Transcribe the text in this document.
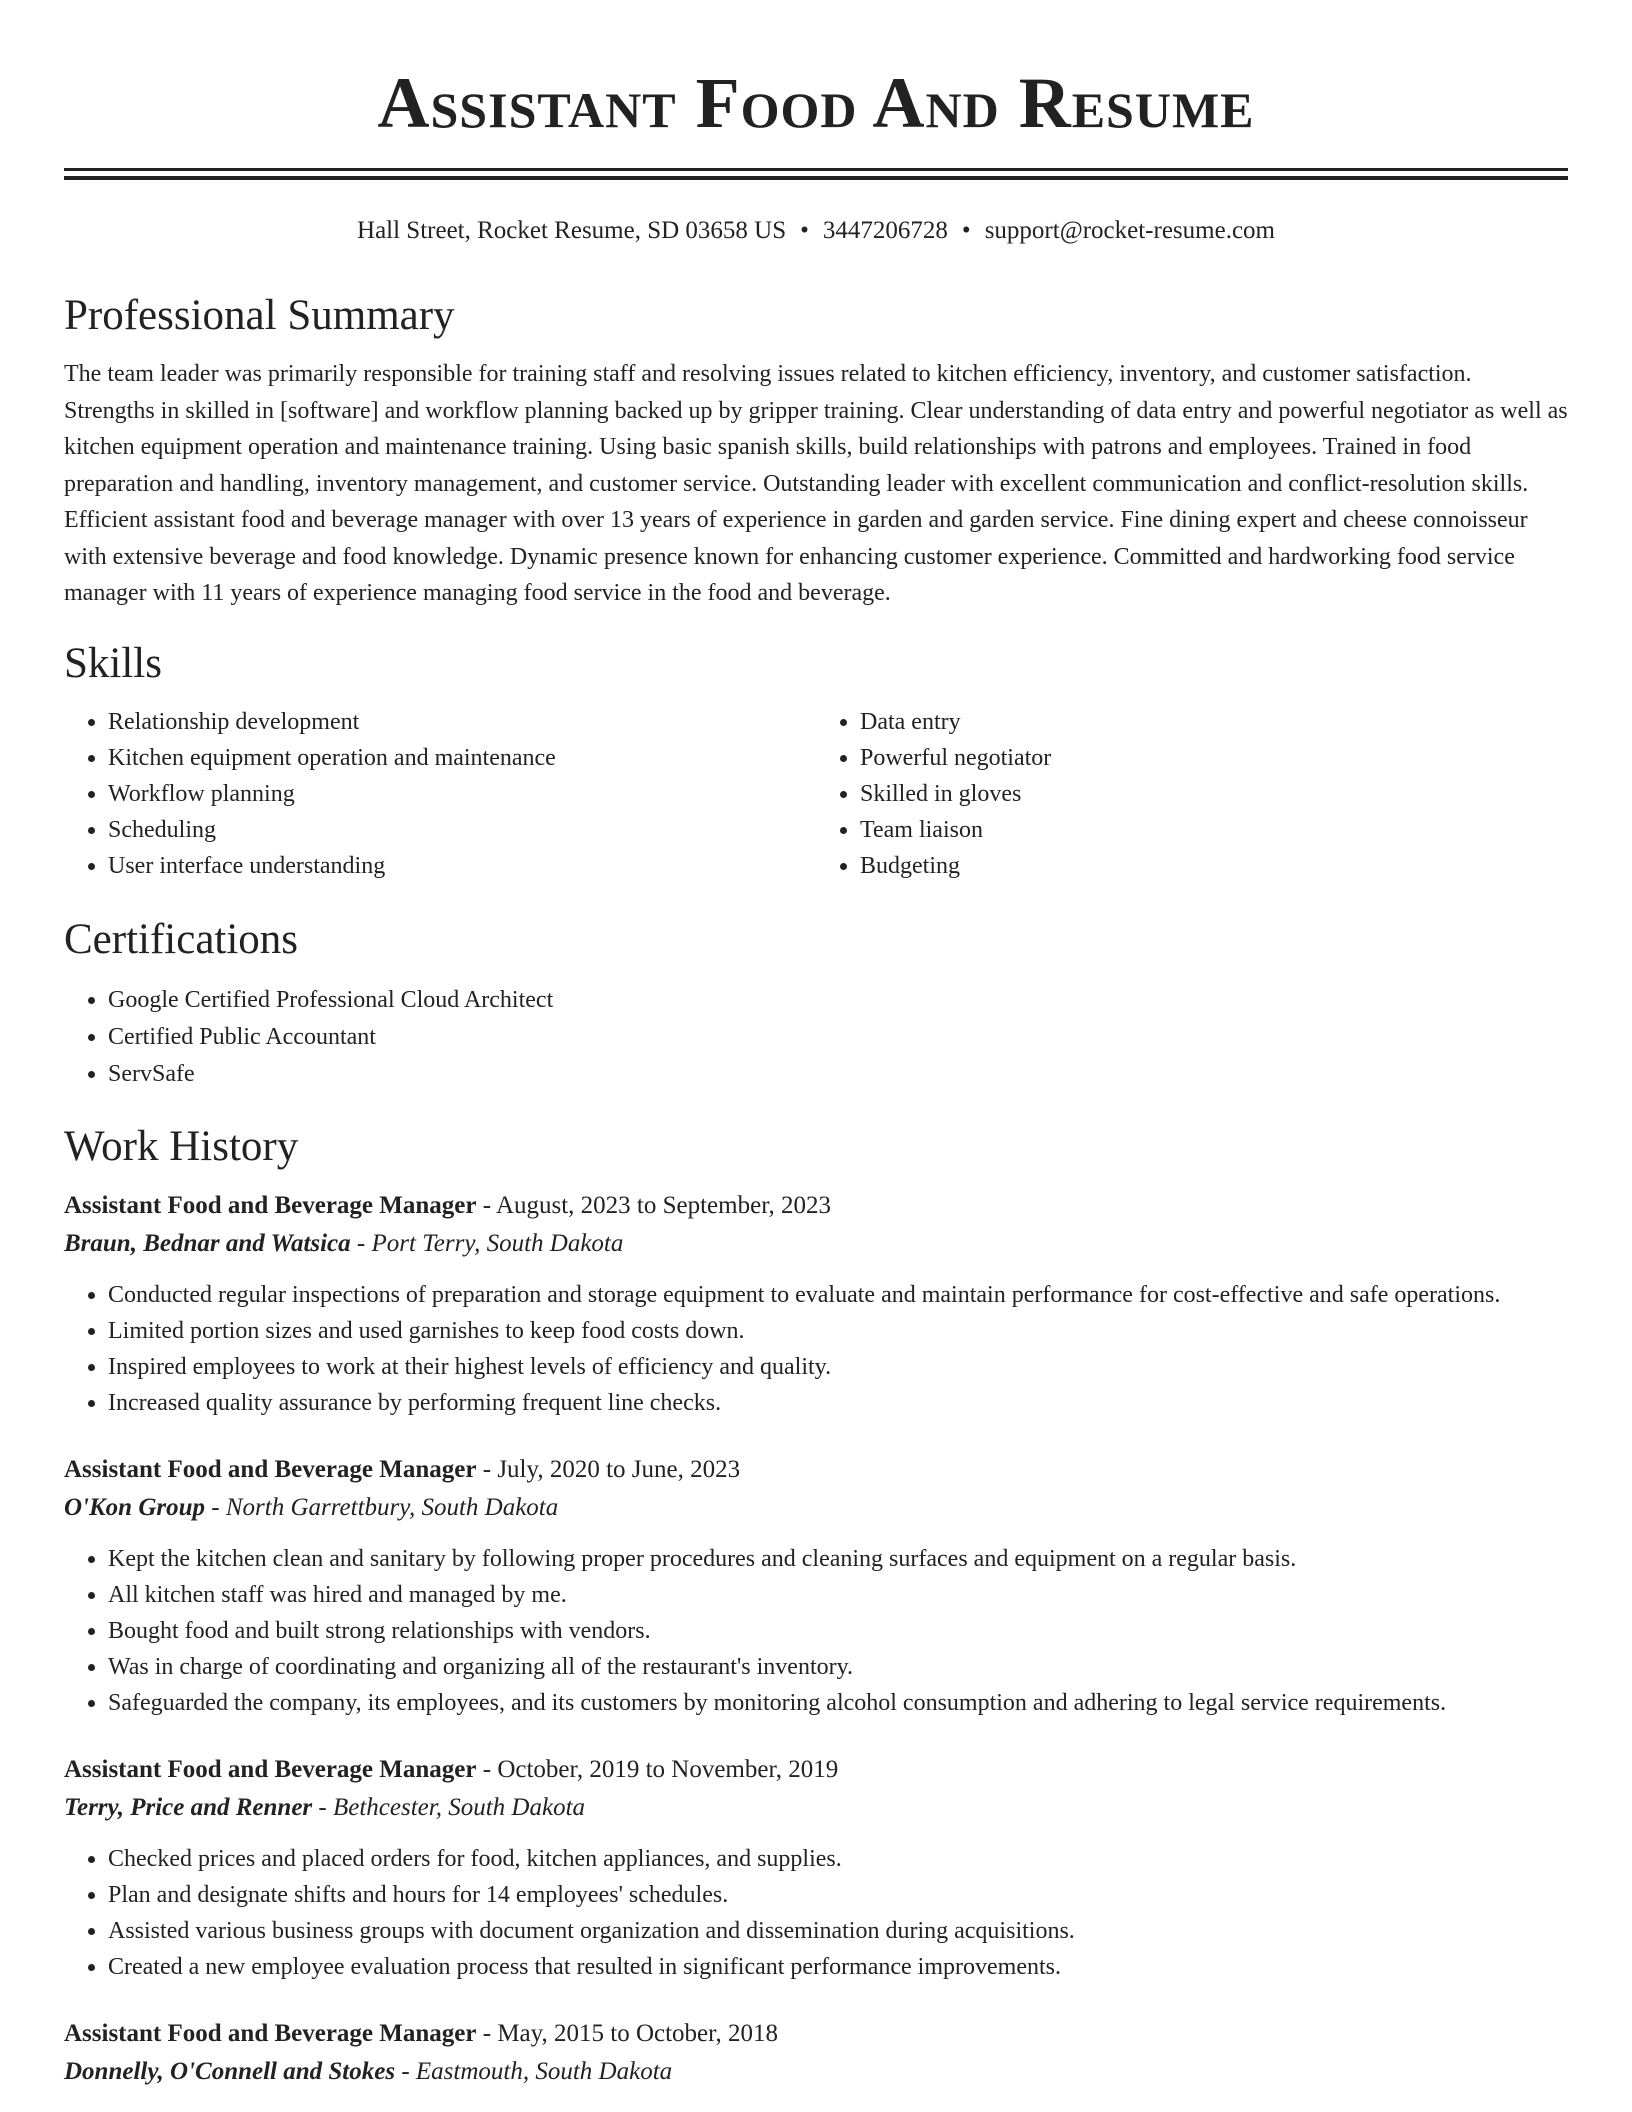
Assistant Food And Resume
Hall Street, Rocket Resume, SD 03658 US • 3447206728 • support@rocket-resume.com
Professional Summary
The team leader was primarily responsible for training staff and resolving issues related to kitchen efficiency, inventory, and customer satisfaction. Strengths in skilled in [software] and workflow planning backed up by gripper training. Clear understanding of data entry and powerful negotiator as well as kitchen equipment operation and maintenance training. Using basic spanish skills, build relationships with patrons and employees. Trained in food preparation and handling, inventory management, and customer service. Outstanding leader with excellent communication and conflict-resolution skills. Efficient assistant food and beverage manager with over 13 years of experience in garden and garden service. Fine dining expert and cheese connoisseur with extensive beverage and food knowledge. Dynamic presence known for enhancing customer experience. Committed and hardworking food service manager with 11 years of experience managing food service in the food and beverage.
Skills
• Relationship development
• Kitchen equipment operation and maintenance
• Workflow planning
• Scheduling
• User interface understanding
• Data entry
• Powerful negotiator
• Skilled in gloves
• Team liaison
• Budgeting
Certifications
• Google Certified Professional Cloud Architect
• Certified Public Accountant
• ServSafe
Work History
Assistant Food and Beverage Manager - August, 2023 to September, 2023
Braun, Bednar and Watsica - Port Terry, South Dakota
• Conducted regular inspections of preparation and storage equipment to evaluate and maintain performance for cost-effective and safe operations.
• Limited portion sizes and used garnishes to keep food costs down.
• Inspired employees to work at their highest levels of efficiency and quality.
• Increased quality assurance by performing frequent line checks.
Assistant Food and Beverage Manager - July, 2020 to June, 2023
O'Kon Group - North Garrettbury, South Dakota
• Kept the kitchen clean and sanitary by following proper procedures and cleaning surfaces and equipment on a regular basis.
• All kitchen staff was hired and managed by me.
• Bought food and built strong relationships with vendors.
• Was in charge of coordinating and organizing all of the restaurant's inventory.
• Safeguarded the company, its employees, and its customers by monitoring alcohol consumption and adhering to legal service requirements.
Assistant Food and Beverage Manager - October, 2019 to November, 2019
Terry, Price and Renner - Bethcester, South Dakota
• Checked prices and placed orders for food, kitchen appliances, and supplies.
• Plan and designate shifts and hours for 14 employees' schedules.
• Assisted various business groups with document organization and dissemination during acquisitions.
• Created a new employee evaluation process that resulted in significant performance improvements.
Assistant Food and Beverage Manager - May, 2015 to October, 2018
Donnelly, O'Connell and Stokes - Eastmouth, South Dakota
